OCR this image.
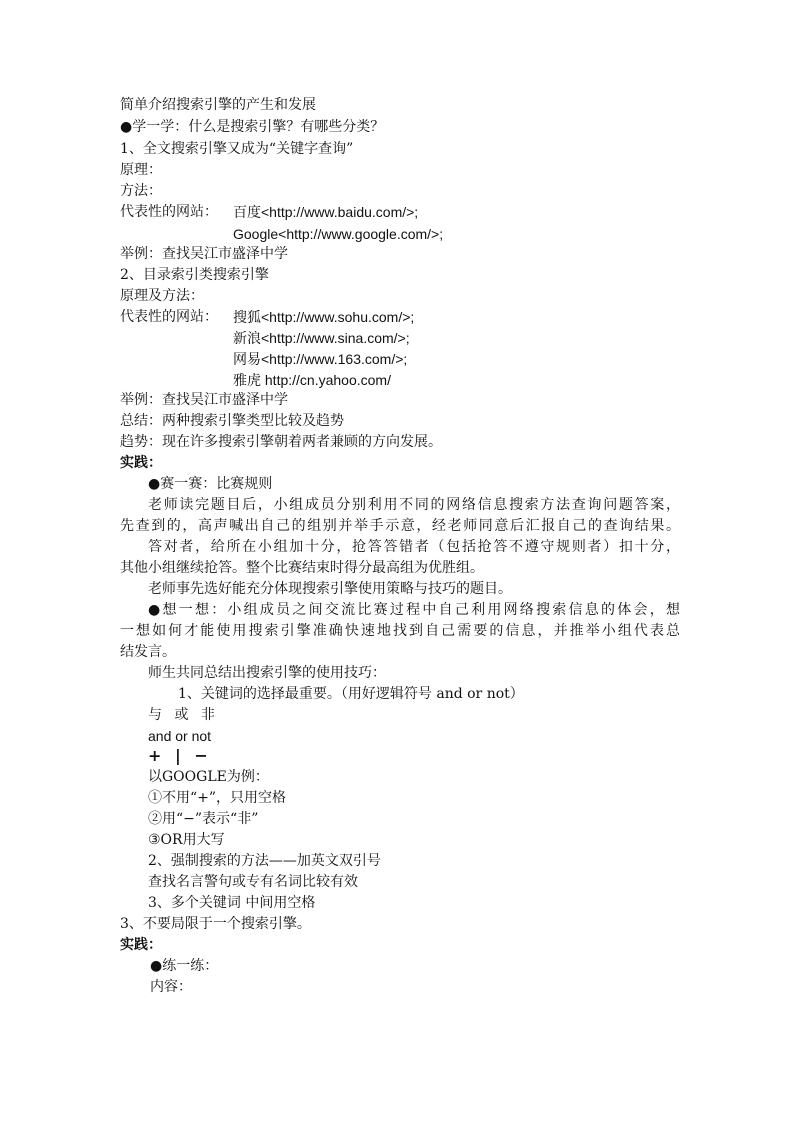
简单介绍搜索引擎的产生和发展
●学一学：什么是搜索引擎？有哪些分类？
1、全文搜索引擎又成为“关键字查询”
原理：
方法：
代表性的网站： 百度<http://www.baidu.com/>;
Google<http://www.google.com/>;
举例：查找吴江市盛泽中学
2、目录索引类搜索引擎
原理及方法：
代表性的网站： 搜狐<http://www.sohu.com/>;
新浪<http://www.sina.com/>;
网易<http://www.163.com/>;
雅虎 http://cn.yahoo.com/
举例：查找吴江市盛泽中学
总结：两种搜索引擎类型比较及趋势
趋势：现在许多搜索引擎朝着两者兼顾的方向发展。
实践：
●赛一赛：比赛规则
老师读完题目后，小组成员分别利用不同的网络信息搜索方法查询问题答案，
先查到的，高声喊出自己的组别并举手示意，经老师同意后汇报自己的查询结果。
答对者，给所在小组加十分，抢答答错者（包括抢答不遵守规则者）扣十分，
其他小组继续抢答。整个比赛结束时得分最高组为优胜组。
老师事先选好能充分体现搜索引擎使用策略与技巧的题目。
●想一想：小组成员之间交流比赛过程中自己利用网络搜索信息的体会，想
一想如何才能使用搜索引擎准确快速地找到自己需要的信息，并推举小组代表总
结发言。
师生共同总结出搜索引擎的使用技巧：
1、关键词的选择最重要。（用好逻辑符号 and or not）
与 或 非
and or not
+ | −
以GOOGLE为例：
①不用“+”，只用空格
②用“−”表示“非”
③OR用大写
2、强制搜索的方法——加英文双引号
查找名言警句或专有名词比较有效
3、多个关键词 中间用空格
3、不要局限于一个搜索引擎。
实践：
●练一练：
内容：
